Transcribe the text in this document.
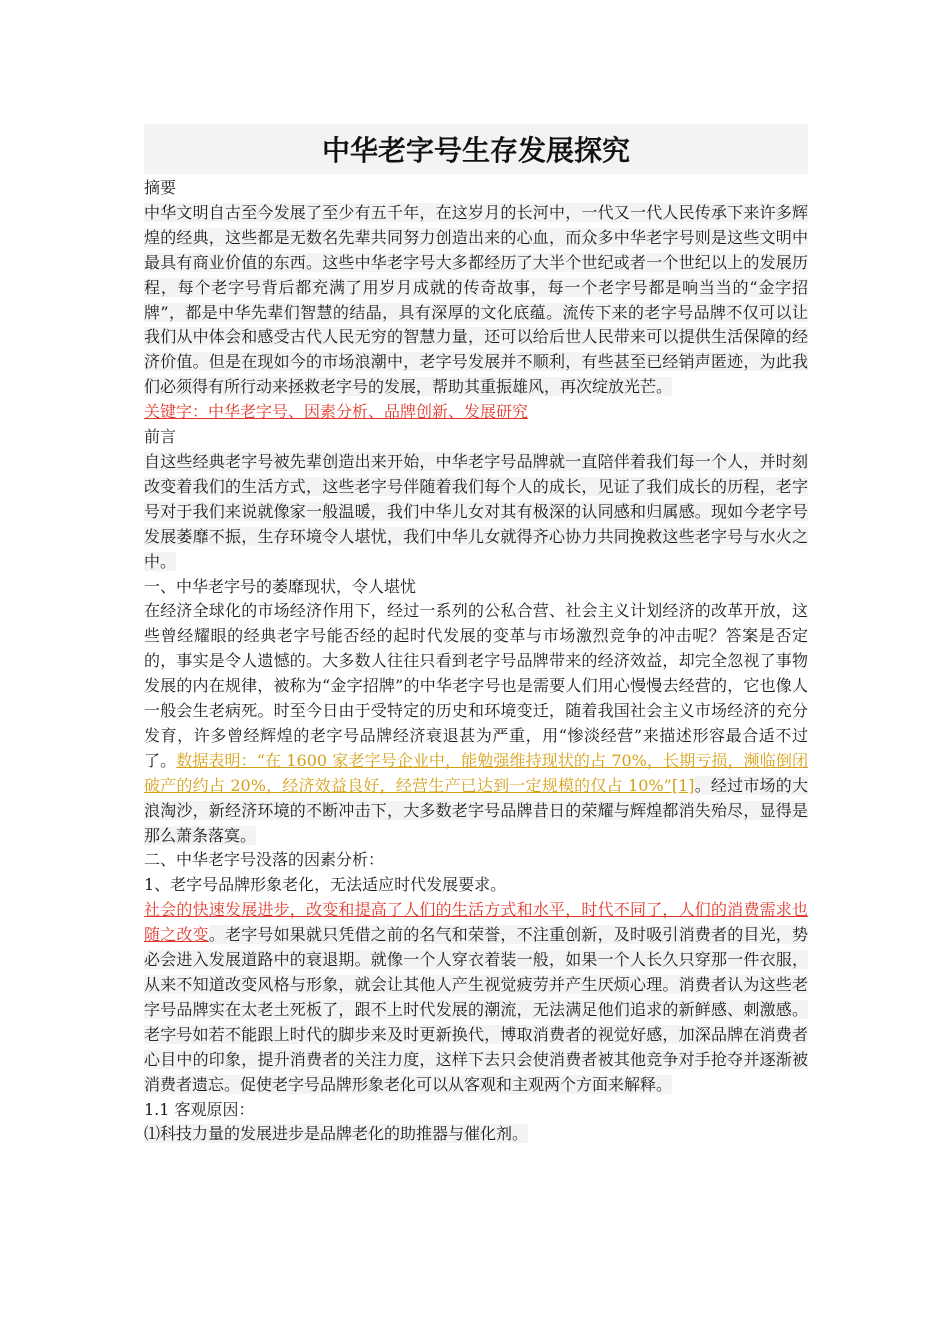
中华老字号生存发展探究

摘要

中华文明自古至今发展了至少有五千年，在这岁月的长河中，一代又一代人民传承下来许多辉煌的经典，这些都是无数名先辈共同努力创造出来的心血，而众多中华老字号则是这些文明中最具有商业价值的东西。这些中华老字号大多都经历了大半个世纪或者一个世纪以上的发展历程，每个老字号背后都充满了用岁月成就的传奇故事，每一个老字号都是响当当的“金字招牌”，都是中华先辈们智慧的结晶，具有深厚的文化底蕴。流传下来的老字号品牌不仅可以让我们从中体会和感受古代人民无穷的智慧力量，还可以给后世人民带来可以提供生活保障的经济价值。但是在现如今的市场浪潮中，老字号发展并不顺利，有些甚至已经销声匿迹，为此我们必须得有所行动来拯救老字号的发展，帮助其重振雄风，再次绽放光芒。

关键字：中华老字号、因素分析、品牌创新、发展研究

前言

自这些经典老字号被先辈创造出来开始，中华老字号品牌就一直陪伴着我们每一个人，并时刻改变着我们的生活方式，这些老字号伴随着我们每个人的成长，见证了我们成长的历程，老字号对于我们来说就像家一般温暖，我们中华儿女对其有极深的认同感和归属感。现如今老字号发展萎靡不振，生存环境令人堪忧，我们中华儿女就得齐心协力共同挽救这些老字号与水火之中。

一、中华老字号的萎靡现状，令人堪忧

在经济全球化的市场经济作用下，经过一系列的公私合营、社会主义计划经济的改革开放，这些曾经耀眼的经典老字号能否经的起时代发展的变革与市场激烈竞争的冲击呢？答案是否定的，事实是令人遗憾的。大多数人往往只看到老字号品牌带来的经济效益，却完全忽视了事物发展的内在规律，被称为“金字招牌”的中华老字号也是需要人们用心慢慢去经营的，它也像人一般会生老病死。时至今日由于受特定的历史和环境变迁，随着我国社会主义市场经济的充分发育，许多曾经辉煌的老字号品牌经济衰退甚为严重，用“惨淡经营”来描述形容最合适不过了。数据表明：“在 1600 家老字号企业中，能勉强维持现状的占 70%，长期亏损，濒临倒闭破产的约占 20%，经济效益良好，经营生产已达到一定规模的仅占 10%”[1]。经过市场的大浪淘沙，新经济环境的不断冲击下，大多数老字号品牌昔日的荣耀与辉煌都消失殆尽，显得是那么萧条落寞。

二、中华老字号没落的因素分析：

1、老字号品牌形象老化，无法适应时代发展要求。

社会的快速发展进步，改变和提高了人们的生活方式和水平，时代不同了，人们的消费需求也随之改变。老字号如果就只凭借之前的名气和荣誉，不注重创新，及时吸引消费者的目光，势必会进入发展道路中的衰退期。就像一个人穿衣着装一般，如果一个人长久只穿那一件衣服，从来不知道改变风格与形象，就会让其他人产生视觉疲劳并产生厌烦心理。消费者认为这些老字号品牌实在太老土死板了，跟不上时代发展的潮流，无法满足他们追求的新鲜感、刺激感。老字号如若不能跟上时代的脚步来及时更新换代，博取消费者的视觉好感，加深品牌在消费者心目中的印象，提升消费者的关注力度，这样下去只会使消费者被其他竞争对手抢夺并逐渐被消费者遗忘。促使老字号品牌形象老化可以从客观和主观两个方面来解释。

1.1 客观原因：

⑴科技力量的发展进步是品牌老化的助推器与催化剂。
